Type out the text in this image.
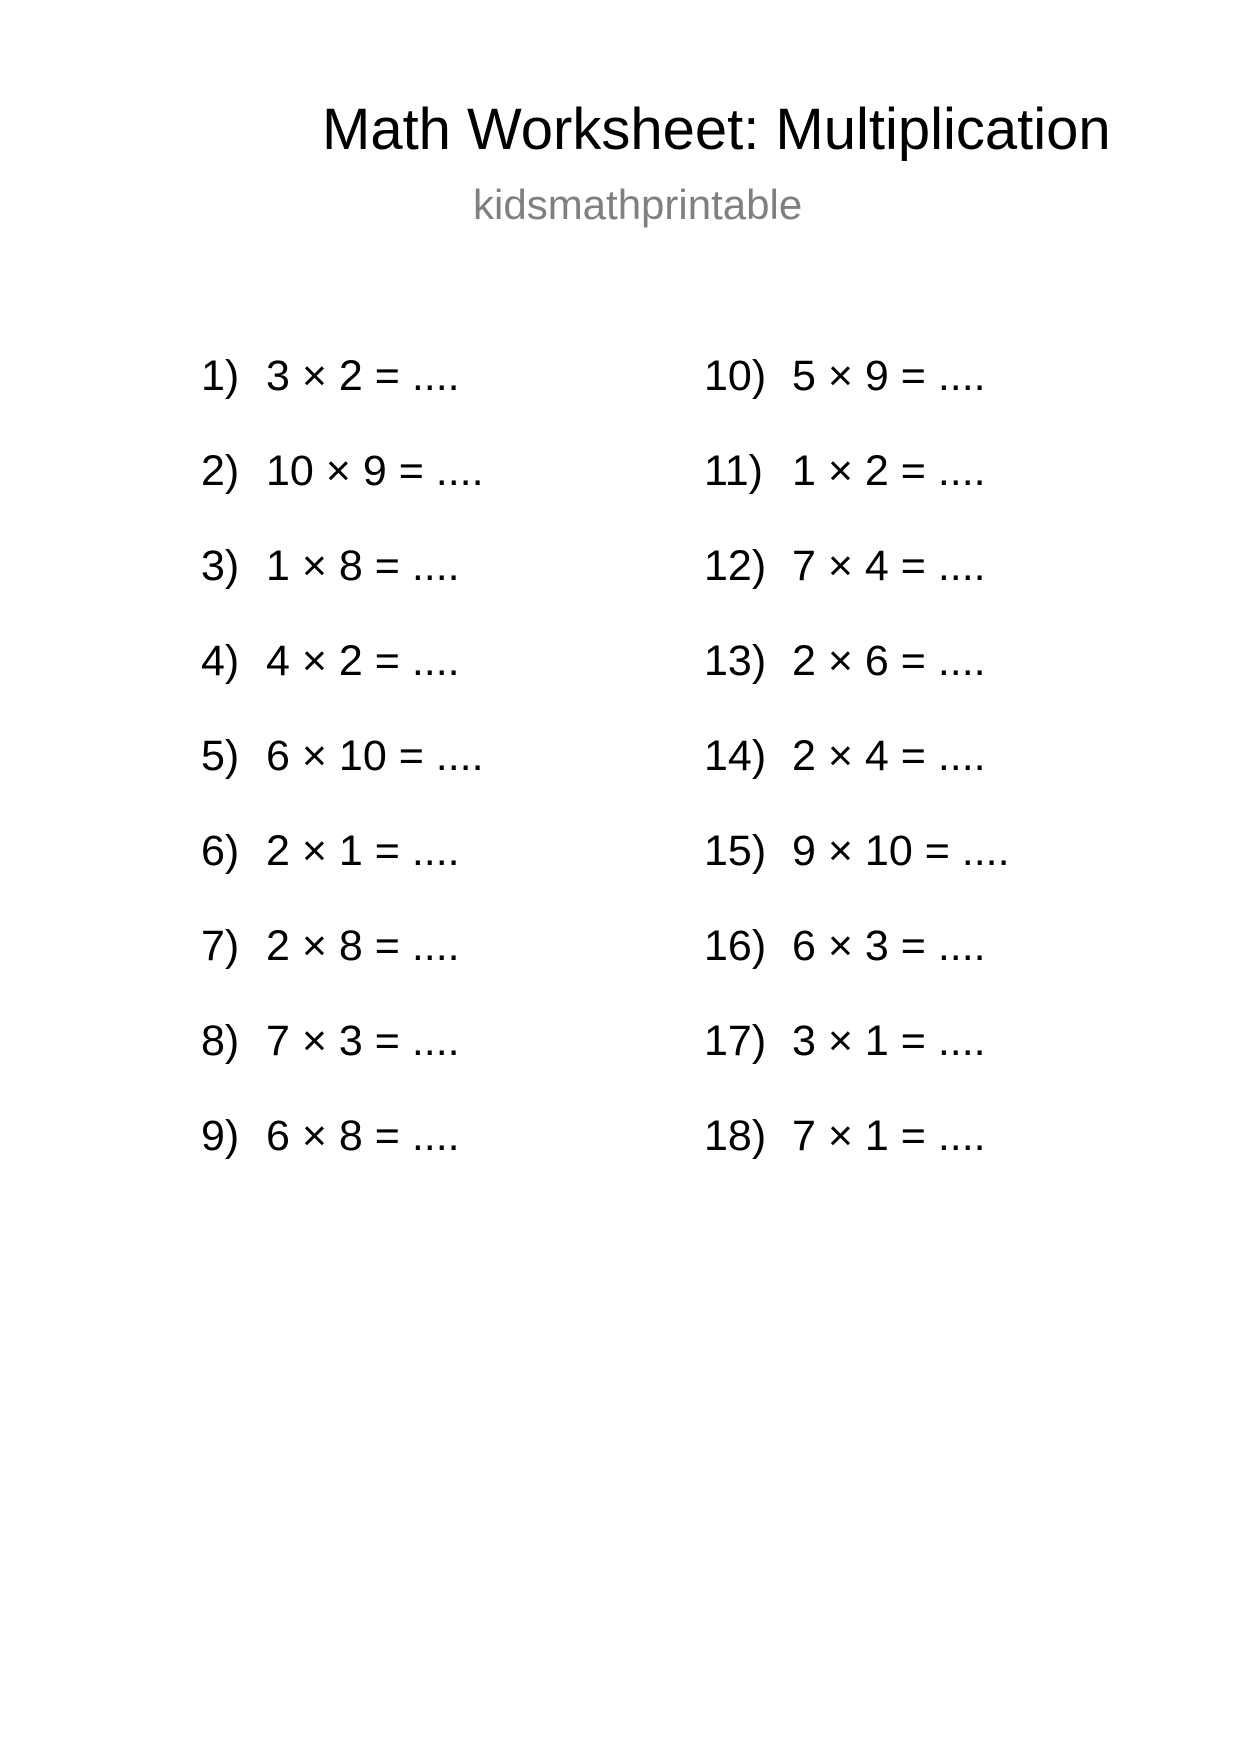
Math Worksheet: Multiplication

kidsmathprintable

1) 3 × 2 = ....
2) 10 × 9 = ....
3) 1 × 8 = ....
4) 4 × 2 = ....
5) 6 × 10 = ....
6) 2 × 1 = ....
7) 2 × 8 = ....
8) 7 × 3 = ....
9) 6 × 8 = ....
10) 5 × 9 = ....
11) 1 × 2 = ....
12) 7 × 4 = ....
13) 2 × 6 = ....
14) 2 × 4 = ....
15) 9 × 10 = ....
16) 6 × 3 = ....
17) 3 × 1 = ....
18) 7 × 1 = ....
